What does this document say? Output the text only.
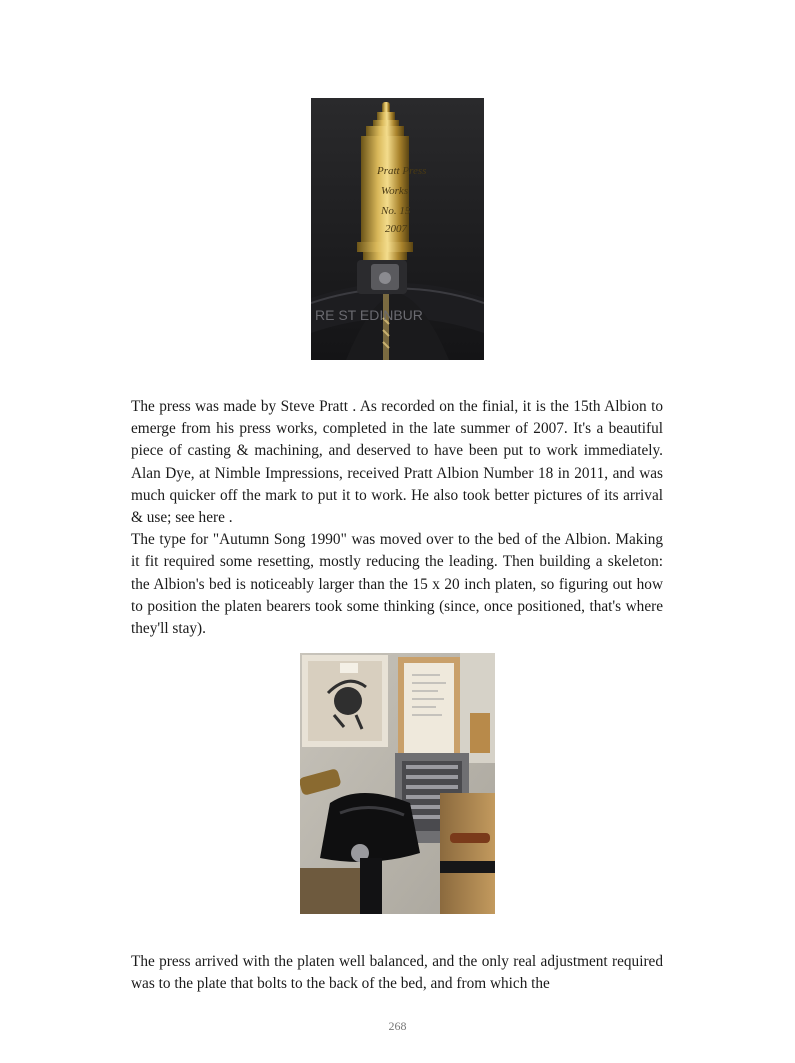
Pratt Press
Works
No. 15
2007
RE ST EDINBUR

The press was made by Steve Pratt . As recorded on the finial, it is the 15th Albion to emerge from his press works, completed in the late summer of 2007. It's a beautiful piece of casting & machining, and deserved to have been put to work immediately. Alan Dye, at Nimble Impressions, received Pratt Albion Number 18 in 2011, and was much quicker off the mark to put it to work. He also took better pictures of its arrival & use; see here .
The type for "Autumn Song 1990" was moved over to the bed of the Albion. Making it fit required some resetting, mostly reducing the leading. Then building a skeleton: the Albion's bed is noticeably larger than the 15 x 20 inch platen, so figuring out how to position the platen bearers took some thinking (since, once positioned, that's where they'll stay).

The press arrived with the platen well balanced, and the only real adjustment required was to the plate that bolts to the back of the bed, and from which the

268
